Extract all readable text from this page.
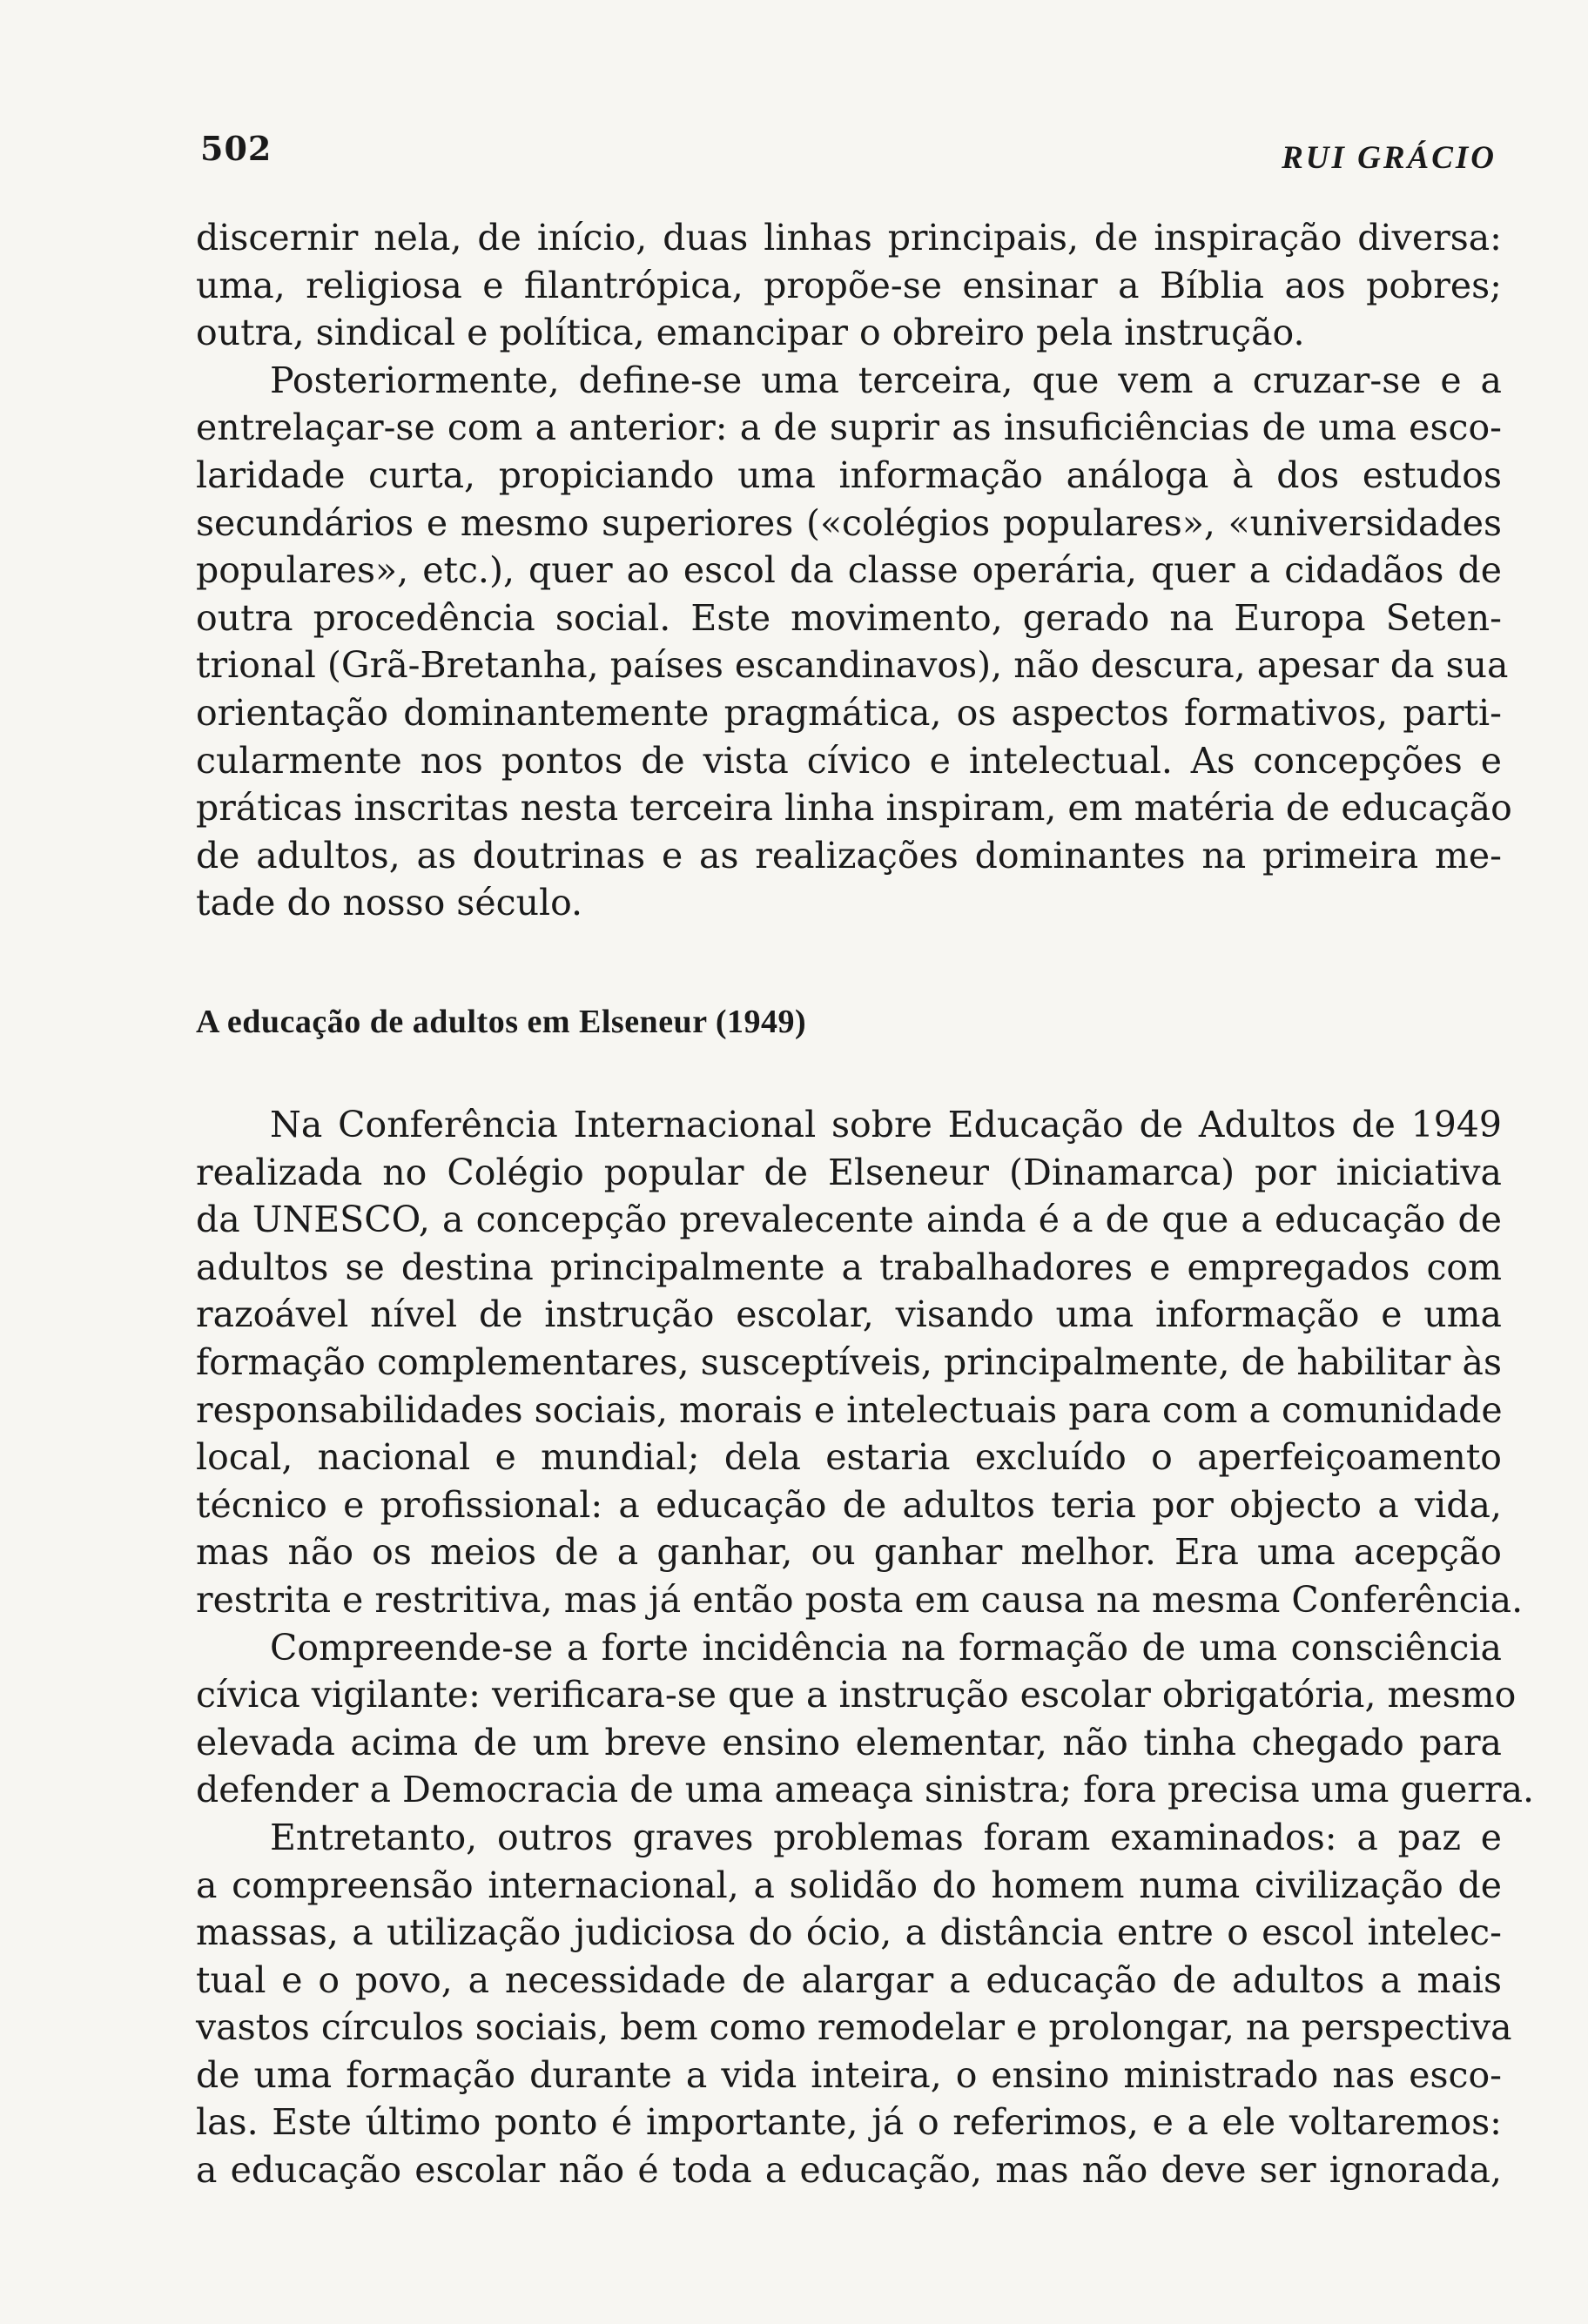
502	RUI GRÁCIO
discernir nela, de início, duas linhas principais, de inspiração diversa:
uma, religiosa e filantrópica, propõe-se ensinar a Bíblia aos pobres;
outra, sindical e política, emancipar o obreiro pela instrução.
Posteriormente, define-se uma terceira, que vem a cruzar-se e a
entrelaçar-se com a anterior: a de suprir as insuficiências de uma esco-
laridade curta, propiciando uma informação análoga à dos estudos
secundários e mesmo superiores («colégios populares», «universidades
populares», etc.), quer ao escol da classe operária, quer a cidadãos de
outra procedência social. Este movimento, gerado na Europa Seten-
trional (Grã-Bretanha, países escandinavos), não descura, apesar da sua
orientação dominantemente pragmática, os aspectos formativos, parti-
cularmente nos pontos de vista cívico e intelectual. As concepções e
práticas inscritas nesta terceira linha inspiram, em matéria de educação
de adultos, as doutrinas e as realizações dominantes na primeira me-
tade do nosso século.
A educação de adultos em Elseneur (1949)
Na Conferência Internacional sobre Educação de Adultos de 1949
realizada no Colégio popular de Elseneur (Dinamarca) por iniciativa
da UNESCO, a concepção prevalecente ainda é a de que a educação de
adultos se destina principalmente a trabalhadores e empregados com
razoável nível de instrução escolar, visando uma informação e uma
formação complementares, susceptíveis, principalmente, de habilitar às
responsabilidades sociais, morais e intelectuais para com a comunidade
local, nacional e mundial; dela estaria excluído o aperfeiçoamento
técnico e profissional: a educação de adultos teria por objecto a vida,
mas não os meios de a ganhar, ou ganhar melhor. Era uma acepção
restrita e restritiva, mas já então posta em causa na mesma Conferência.
Compreende-se a forte incidência na formação de uma consciência
cívica vigilante: verificara-se que a instrução escolar obrigatória, mesmo
elevada acima de um breve ensino elementar, não tinha chegado para
defender a Democracia de uma ameaça sinistra; fora precisa uma guerra.
Entretanto, outros graves problemas foram examinados: a paz e
a compreensão internacional, a solidão do homem numa civilização de
massas, a utilização judiciosa do ócio, a distância entre o escol intelec-
tual e o povo, a necessidade de alargar a educação de adultos a mais
vastos círculos sociais, bem como remodelar e prolongar, na perspectiva
de uma formação durante a vida inteira, o ensino ministrado nas esco-
las. Este último ponto é importante, já o referimos, e a ele voltaremos:
a educação escolar não é toda a educação, mas não deve ser ignorada,
